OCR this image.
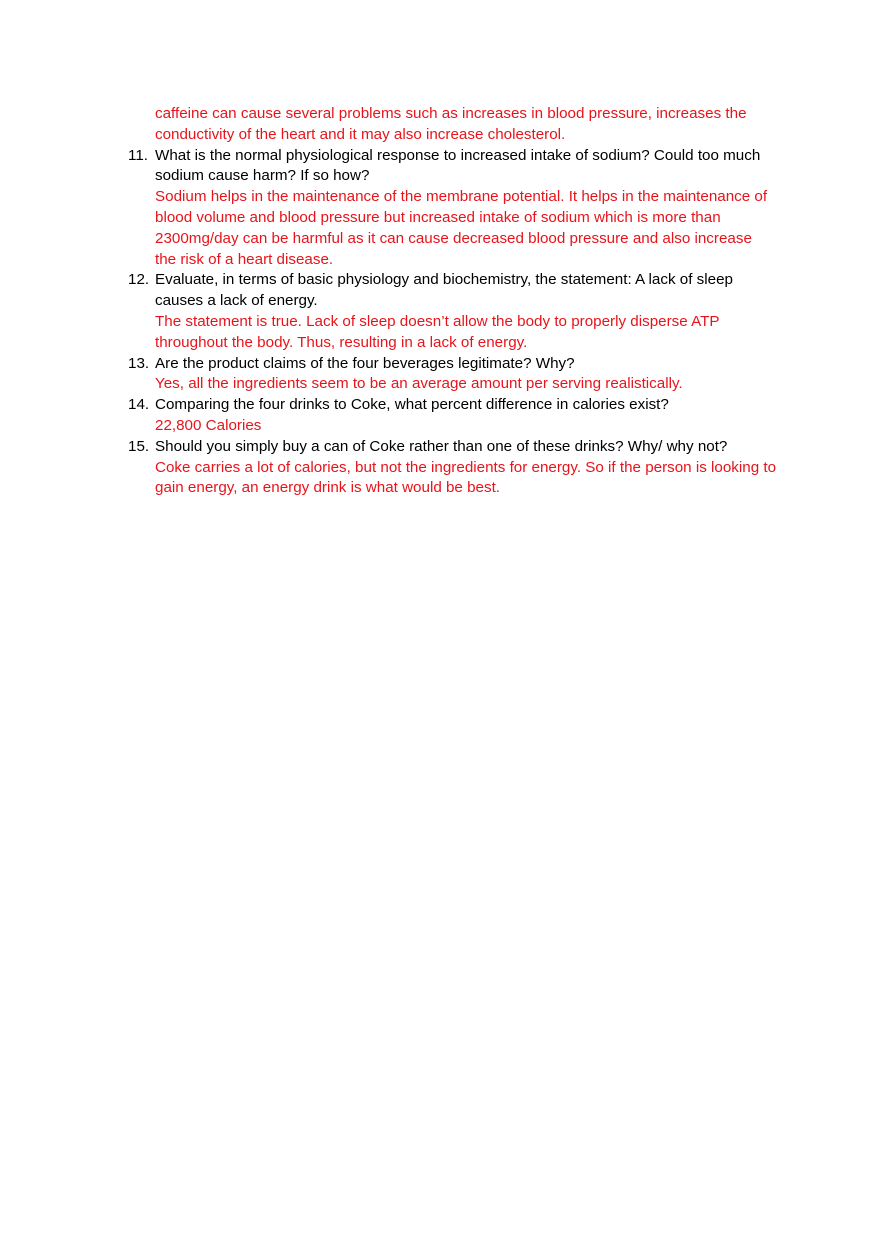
caffeine can cause several problems such as increases in blood pressure, increases the conductivity of the heart and it may also increase cholesterol.

11. What is the normal physiological response to increased intake of sodium? Could too much sodium cause harm? If so how?

Sodium helps in the maintenance of the membrane potential. It helps in the maintenance of blood volume and blood pressure but increased intake of sodium which is more than 2300mg/day can be harmful as it can cause decreased blood pressure and also increase the risk of a heart disease.

12. Evaluate, in terms of basic physiology and biochemistry, the statement: A lack of sleep causes a lack of energy.

The statement is true. Lack of sleep doesn’t allow the body to properly disperse ATP throughout the body. Thus, resulting in a lack of energy.

13. Are the product claims of the four beverages legitimate? Why?

Yes, all the ingredients seem to be an average amount per serving realistically.

14. Comparing the four drinks to Coke, what percent difference in calories exist?

22,800 Calories

15. Should you simply buy a can of Coke rather than one of these drinks? Why/ why not?

Coke carries a lot of calories, but not the ingredients for energy. So if the person is looking to gain energy, an energy drink is what would be best.
